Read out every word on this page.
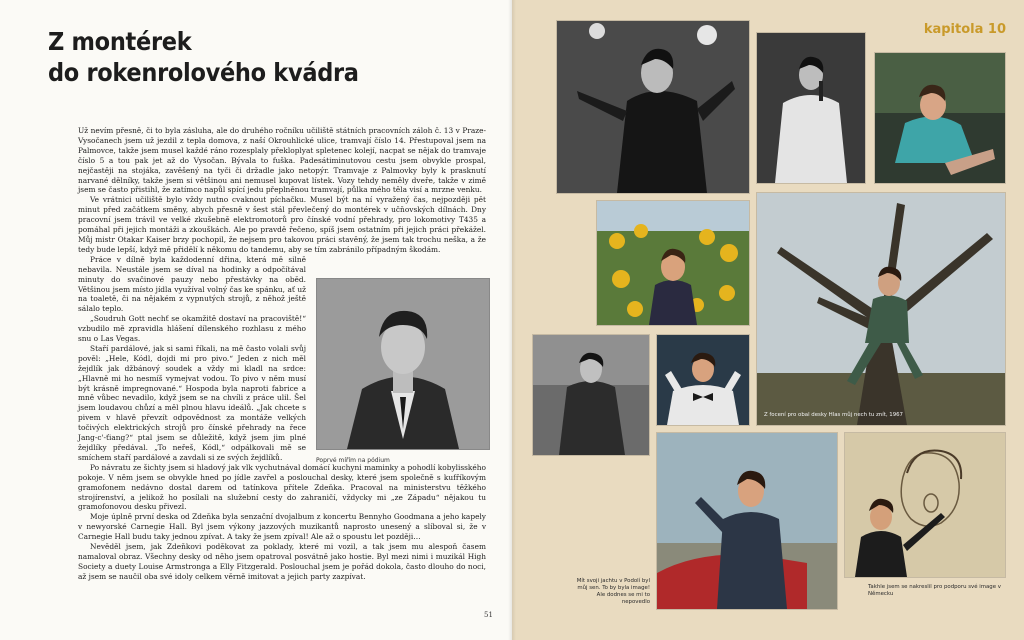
Z montérek
do rokenrolového kvádra

Už nevím přesně, či to byla zásluha, ale do druhého ročníku učiliště státních pracovních záloh č. 13 v Praze-Vysočanech jsem už jezdil z tepla domova, z naší Okrouhlické ulice, tramvají číslo 14. Přestupoval jsem na Palmovce, takže jsem musel každé ráno rozesplaly překloplyat spletenec kolejí, nacpat se nějak do tramvaje číslo 5 a tou pak jet až do Vysočan. Bývala to fuška. Padesátiminutovou cestu jsem obvykle prospal, nejčastěji na stojáka, zavěšený na tyči či držadle jako netopýr. Tramvaje z Palmovky byly k prasknutí narvané dělníky, takže jsem si většinou ani nemusel kupovat lístek. Vozy tehdy neměly dveře, takže v zimě jsem se často přistihl, že zatímco napůl spící jedu přeplněnou tramvají, půlka mého těla visí a mrzne venku.

Ve vrátnici učiliště bylo vždy nutno cvaknout píchačku. Musel být na ní vyražený čas, nejpozději pět minut před začátkem směny, abych přesně v šest stál převlečený do montérek v učňovských dílnách. Dny pracovní jsem trávil ve velké zkušebně elektromotorů pro čínské vodní přehrady, pro lokomotivy T435 a pomáhal při jejich montáži a zkouškách. Ale po pravdě řečeno, spíš jsem ostatním při jejich práci překážel. Můj mistr Otakar Kaiser brzy pochopil, že nejsem pro takovou práci stavěný, že jsem tak trochu neška, a že tedy bude lepší, když mě přidělí k někomu do tandemu, aby se tím zabránilo případným škodám.

Práce v dílně byla každodenní dřina, která mě silně nebavila. Neustále jsem se díval na hodinky a odpočítával minuty do svačinové pauzy nebo přestávky na oběd. Většinou jsem místo jídla využíval volný čas ke spánku, ať už na toaletě, či na nějakém z vypnutých strojů, z něhož ještě sálalo teplo.

„Soudruh Gott nechť se okamžitě dostaví na pracoviště!“ vzbudilo mě zpravidla hlášení dílenského rozhlasu z mého snu o Las Vegas.

Staří pardálové, jak si sami říkali, na mě často volali svůj pověl: „Hele, Kódl, dojdi mi pro pivo.“ Jeden z nich měl žejdlík jak džbánový soudek a vždy mi kladl na srdce: „Hlavně mi ho nesmíš vymejvat vodou. To pivo v něm musí být krásně impregnované.“ Hospoda byla naproti fabrice a mně vůbec nevadilo, když jsem se na chvíli z práce ulil. Šel jsem loudavou chůzí a měl plnou hlavu ideálů. „Jak chcete s pivem v hlavě převzít odpovědnost za montáže velkých točivých elektrických strojů pro čínské přehrady na řece Jang-c'-ťiang?“ ptal jsem se důležitě, když jsem jim plné žejdlíky předával. „To neřeš, Kódl,“ odpálkovali mě se smíchem staří pardálové a zavdali si ze svých žejdlíků.

Po návratu ze šichty jsem si hladový jak vlk vychutnával domácí kuchyni maminky a pohodlí kobylisského pokoje. V něm jsem se obvykle hned po jídle zavřel a poslouchal desky, které jsem společně s kufříkovým gramofonem nedávno dostal darem od tatínkova přítele Zdeňka. Pracoval na ministerstvu těžkého strojírenství, a jelikož ho posílali na služební cesty do zahraničí, vždycky mi „ze Západu“ nějakou tu gramofonovou desku přivezl.

Moje úplně první deska od Zdeňka byla senzační dvojalbum z koncertu Bennyho Goodmana a jeho kapely v newyorské Carnegie Hall. Byl jsem výkony jazzových muzikantů naprosto unesený a slíboval si, že v Carnegie Hall budu taky jednou zpívat. A taky že jsem zpíval! Ale až o spoustu let později…

Nevěděl jsem, jak Zdeňkovi poděkovat za poklady, které mi vozil, a tak jsem mu alespoň časem namaloval obraz. Všechny desky od něho jsem opatroval posvátně jako hostie. Byl mezi nimi i muzikál High Society a duety Louise Armstronga a Elly Fitzgerald. Poslouchal jsem je pořád dokola, často dlouho do noci, až jsem se naučil oba své idoly celkem věrně imitovat a jejich party zazpívat.

Poprvé mířím na pódium
51
kapitola 10
Z focení pro obal desky Hlas můj nech tu znít, 1967
Mít svoji jachtu v Podolí byl můj sen. To by byla image! Ale dodnes se mi to nepovedlo
Takhle jsem se nakreslil pro podporu své image v Německu
